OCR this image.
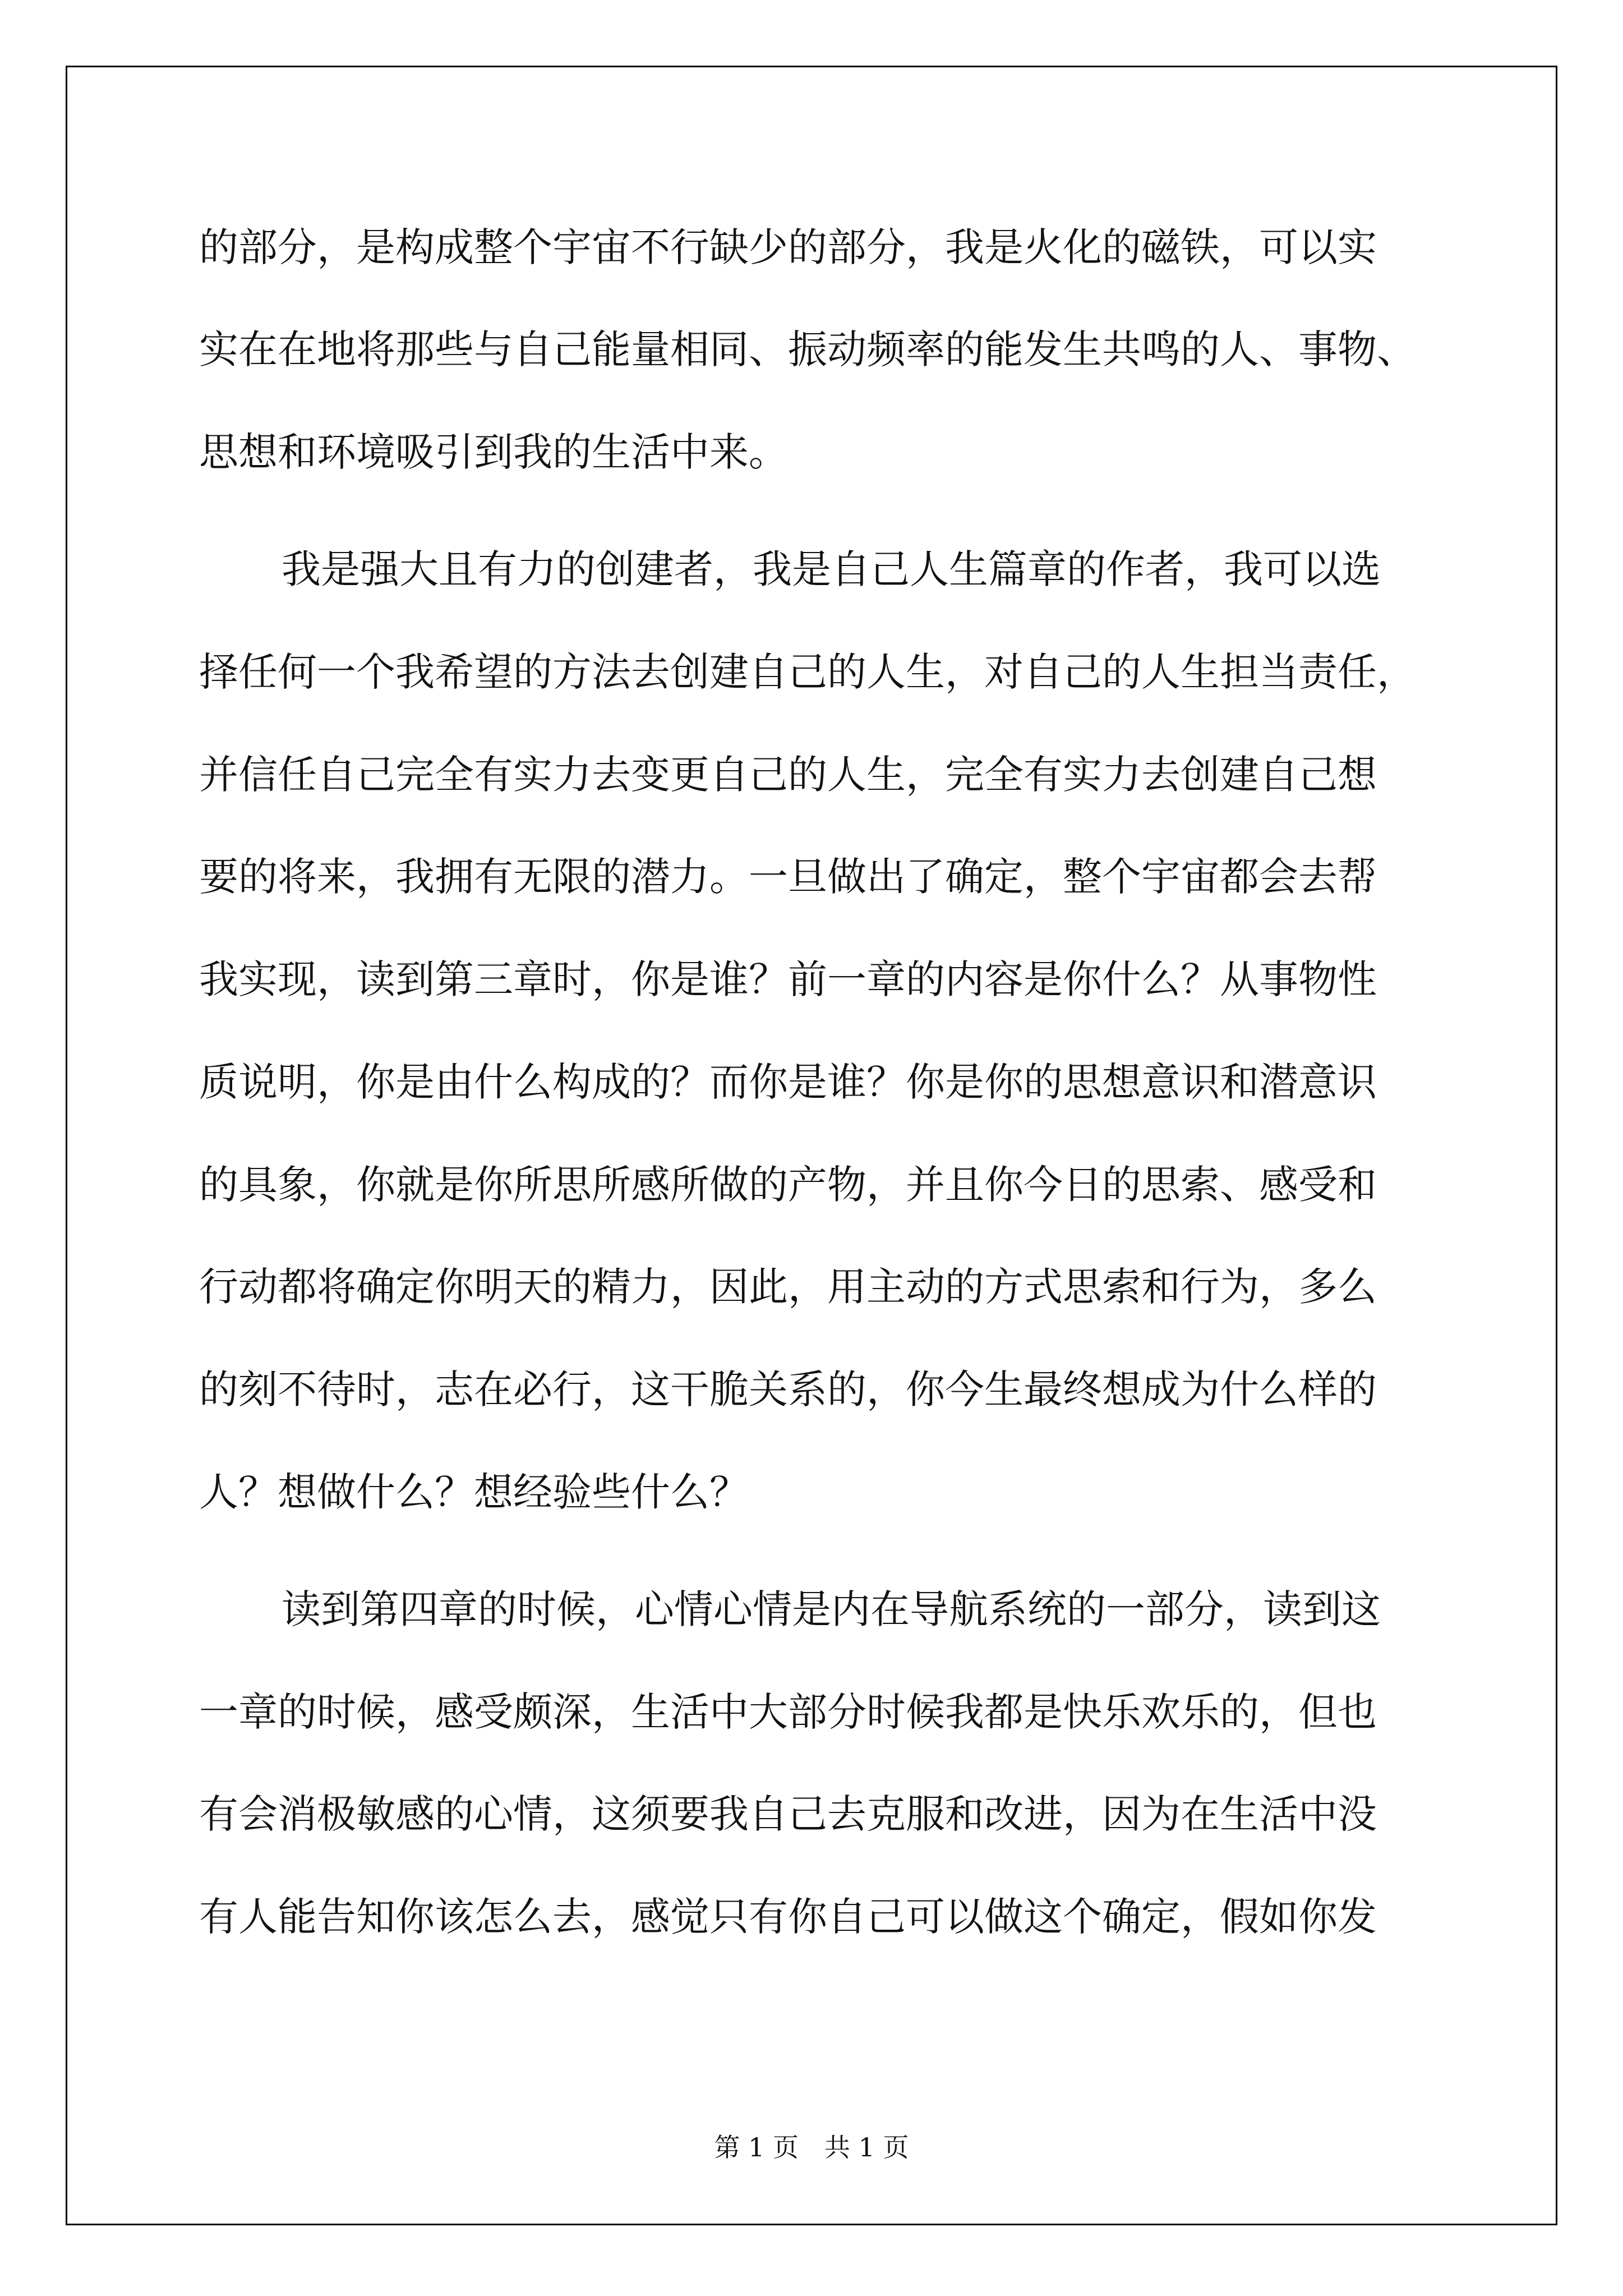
的部分，是构成整个宇宙不行缺少的部分，我是火化的磁铁，可以实
实在在地将那些与自己能量相同、振动频率的能发生共鸣的人、事物、
思想和环境吸引到我的生活中来。
我是强大且有力的创建者，我是自己人生篇章的作者，我可以选
择任何一个我希望的方法去创建自己的人生，对自己的人生担当责任，
并信任自己完全有实力去变更自己的人生，完全有实力去创建自己想
要的将来，我拥有无限的潜力。一旦做出了确定，整个宇宙都会去帮
我实现，读到第三章时，你是谁？前一章的内容是你什么？从事物性
质说明，你是由什么构成的？而你是谁？你是你的思想意识和潜意识
的具象，你就是你所思所感所做的产物，并且你今日的思索、感受和
行动都将确定你明天的精力，因此，用主动的方式思索和行为，多么
的刻不待时，志在必行，这干脆关系的，你今生最终想成为什么样的
人？想做什么？想经验些什么？
读到第四章的时候，心情心情是内在导航系统的一部分，读到这
一章的时候，感受颇深，生活中大部分时候我都是快乐欢乐的，但也
有会消极敏感的心情，这须要我自己去克服和改进，因为在生活中没
有人能告知你该怎么去，感觉只有你自己可以做这个确定，假如你发
第 1 页　共 1 页
